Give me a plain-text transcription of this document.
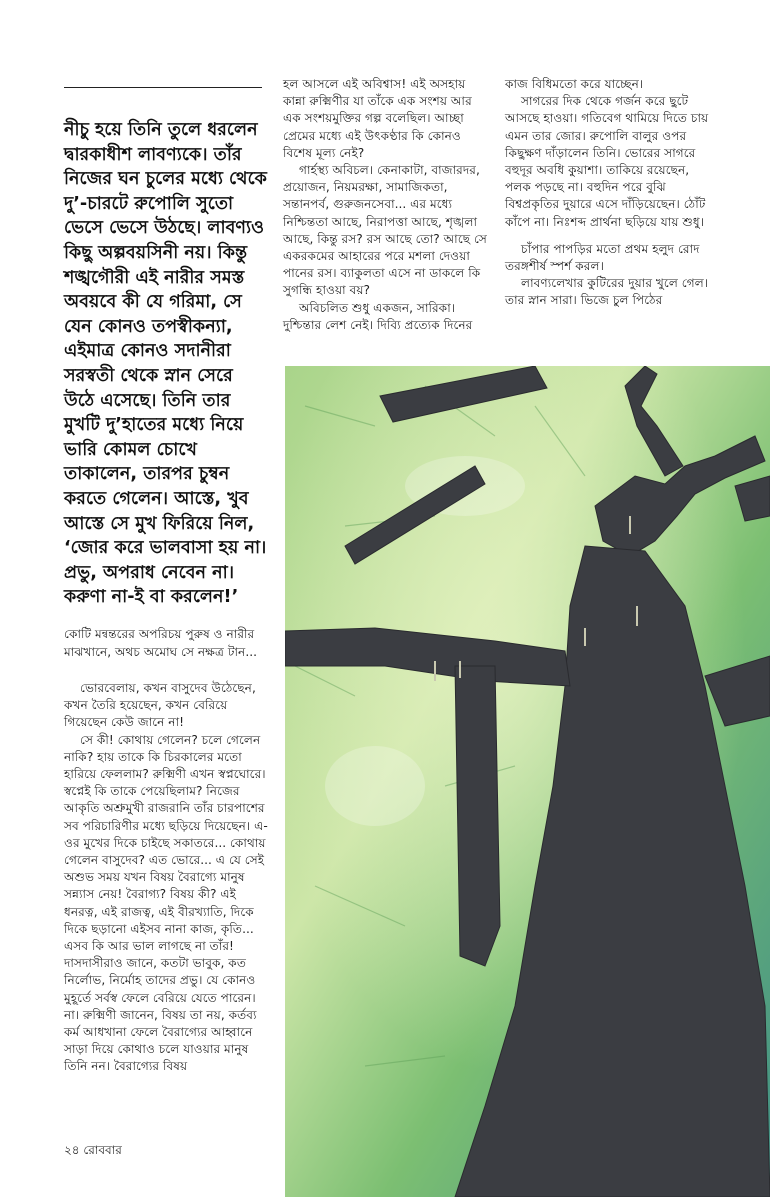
নীচু হয়ে তিনি তুলে ধরলেন দ্বারকাধীশ লাবণ্যকে। তাঁর নিজের ঘন চুলের মধ্যে থেকে দু’-চারটে রুপোলি সুতো ভেসে ভেসে উঠছে। লাবণ্যও কিছু অল্পবয়সিনী নয়। কিন্তু শঙ্খগৌরী এই নারীর সমস্ত অবয়বে কী যে গরিমা, সে যেন কোনও তপস্বীকন্যা, এইমাত্র কোনও সদানীরা সরস্বতী থেকে স্নান সেরে উঠে এসেছে। তিনি তার মুখটি দু’হাতের মধ্যে নিয়ে ভারি কোমল চোখে তাকালেন, তারপর চুম্বন করতে গেলেন। আস্তে, খুব আস্তে সে মুখ ফিরিয়ে নিল, ‘জোর করে ভালবাসা হয় না। প্রভু, অপরাধ নেবেন না। করুণা না-ই বা করলেন!’

কোটি মন্বন্তরের অপরিচয় পুরুষ ও নারীর মাঝখানে, অথচ অমোঘ সে নক্ষত্র টান...

ভোরবেলায়, কখন বাসুদেব উঠেছেন, কখন তৈরি হয়েছেন, কখন বেরিয়ে গিয়েছেন কেউ জানে না!

সে কী! কোথায় গেলেন? চলে গেলেন নাকি? হায় তাকে কি চিরকালের মতো হারিয়ে ফেললাম? রুক্মিণী এখন স্বপ্নঘোরে। স্বপ্নেই কি তাকে পেয়েছিলাম? নিজের আকৃতি অশ্রুমুখী রাজরানি তাঁর চারপাশের সব পরিচারিণীর মধ্যে ছড়িয়ে দিয়েছেন। এ-ওর মুখের দিকে চাইছে সকাতরে... কোথায় গেলেন বাসুদেব? এত ভোরে... এ যে সেই অশুভ সময় যখন বিষয় বৈরাগ্যে মানুষ সন্ন্যাস নেয়! বৈরাগ্য? বিষয় কী? এই ধনরত্ন, এই রাজত্ব, এই বীরখ্যাতি, দিকে দিকে ছড়ানো এইসব নানা কাজ, কৃতি... এসব কি আর ভাল লাগছে না তাঁর! দাসদাসীরাও জানে, কতটা ভাবুক, কত নির্লোভ, নির্মোহ তাদের প্রভু। যে কোনও মুহূর্তে সর্বস্ব ফেলে বেরিয়ে যেতে পারেন। না। রুক্মিণী জানেন, বিষয় তা নয়, কর্তব্য কর্ম আধখানা ফেলে বৈরাগ্যের আহ্বানে সাড়া দিয়ে কোথাও চলে যাওয়ার মানুষ তিনি নন। বৈরাগ্যের বিষয়

হল আসলে এই অবিশ্বাস! এই অসহায় কান্না রুক্মিণীর যা তাঁকে এক সংশয় আর এক সংশয়মুক্তির গল্প বলেছিল। আচ্ছা প্রেমের মধ্যে এই উৎকণ্ঠার কি কোনও বিশেষ মূল্য নেই?

গার্হস্থ্য অবিচল। কেনাকাটা, বাজারদর, প্রয়োজন, নিয়মরক্ষা, সামাজিকতা, সন্তানপর্ব, গুরুজনসেবা... এর মধ্যে নিশ্চিন্ততা আছে, নিরাপত্তা আছে, শৃঙ্খলা আছে, কিন্তু রস? রস আছে তো? আছে সে একরকমের আহারের পরে মশলা দেওয়া পানের রস। ব্যাকুলতা এসে না ডাকলে কি সুগন্ধি হাওয়া বয়?

অবিচলিত শুধু একজন, সারিকা। দুশ্চিন্তার লেশ নেই। দিব্যি প্রত্যেক দিনের

কাজ বিধিমতো করে যাচ্ছেন।

সাগরের দিক থেকে গর্জন করে ছুটে আসছে হাওয়া। গতিবেগ থামিয়ে দিতে চায় এমন তার জোর। রুপোলি বালুর ওপর কিছুক্ষণ দাঁড়ালেন তিনি। ভোরের সাগরে বহুদূর অবধি কুয়াশা। তাকিয়ে রয়েছেন, পলক পড়ছে না। বহুদিন পরে বুঝি বিশ্বপ্রকৃতির দুয়ারে এসে দাঁড়িয়েছেন। ঠোঁট কাঁপে না। নিঃশব্দ প্রার্থনা ছড়িয়ে যায় শুধু।

চাঁপার পাপড়ির মতো প্রথম হলুদ রোদ তরঙ্গশীর্ষ স্পর্শ করল।

লাবণ্যলেখার কুটিরের দুয়ার খুলে গেল। তার স্নান সারা। ভিজে চুল পিঠের

২৪ রোববার
